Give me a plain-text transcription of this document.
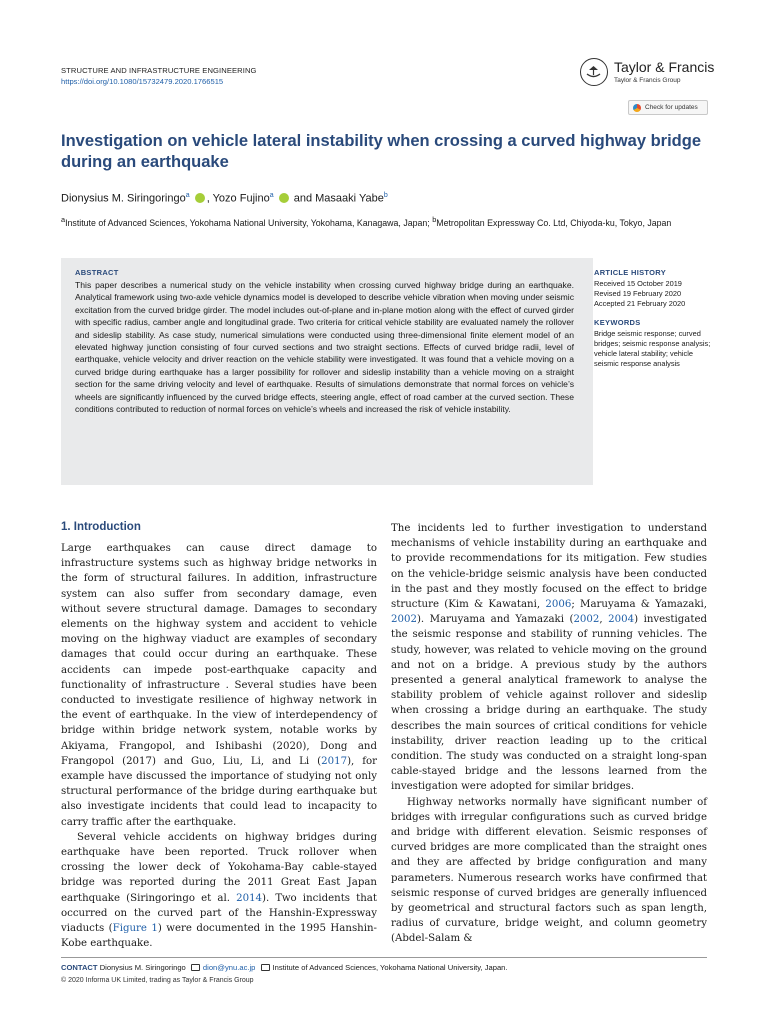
STRUCTURE AND INFRASTRUCTURE ENGINEERING
https://doi.org/10.1080/15732479.2020.1766515
Taylor & Francis
Taylor & Francis Group
Check for updates
Investigation on vehicle lateral instability when crossing a curved highway bridge during an earthquake
Dionysius M. Siringoringo$^a$ , Yozo Fujino$^a$  and Masaaki Yabe$^b$
$^a$Institute of Advanced Sciences, Yokohama National University, Yokohama, Kanagawa, Japan; $^b$Metropolitan Expressway Co. Ltd, Chiyoda-ku, Tokyo, Japan
ABSTRACT
This paper describes a numerical study on the vehicle instability when crossing curved highway bridge during an earthquake. Analytical framework using two-axle vehicle dynamics model is developed to describe vehicle vibration when moving under seismic excitation from the curved bridge girder. The model includes out-of-plane and in-plane motion along with the effect of curved girder with specific radius, camber angle and longitudinal grade. Two criteria for critical vehicle stability are evaluated namely the rollover and sideslip stability. As case study, numerical simulations were conducted using three-dimensional finite element model of an elevated highway junction consisting of four curved sections and two straight sections. Effects of curved bridge radii, level of earthquake, vehicle velocity and driver reaction on the vehicle stability were investigated. It was found that a vehicle moving on a curved bridge during earthquake has a larger possibility for rollover and sideslip instability than a vehicle moving on a straight section for the same driving velocity and level of earthquake. Results of simulations demonstrate that normal forces on vehicle’s wheels are significantly influenced by the curved bridge effects, steering angle, effect of road camber at the curved section. These conditions contributed to reduction of normal forces on vehicle’s wheels and increased the risk of vehicle instability.
ARTICLE HISTORY
Received 15 October 2019
Revised 19 February 2020
Accepted 21 February 2020
KEYWORDS
Bridge seismic response; curved bridges; seismic response analysis; vehicle lateral stability; vehicle seismic response analysis
1. Introduction

Large earthquakes can cause direct damage to infrastructure systems such as highway bridge networks in the form of structural failures. In addition, infrastructure system can also suffer from secondary damage, even without severe structural damage. Damages to secondary elements on the highway system and accident to vehicle moving on the highway viaduct are examples of secondary damages that could occur during an earthquake. These accidents can impede post-earthquake capacity and functionality of infrastructure . Several studies have been conducted to investigate resilience of highway network in the event of earthquake. In the view of interdependency of bridge within bridge network system, notable works by Akiyama, Frangopol, and Ishibashi (2020), Dong and Frangopol (2017) and Guo, Liu, Li, and Li (2017), for example have discussed the importance of studying not only structural performance of the bridge during earthquake but also investigate incidents that could lead to incapacity to carry traffic after the earthquake.

Several vehicle accidents on highway bridges during earthquake have been reported. Truck rollover when crossing the lower deck of Yokohama-Bay cable-stayed bridge was reported during the 2011 Great East Japan earthquake (Siringoringo et al. 2014). Two incidents that occurred on the curved part of the Hanshin-Expressway viaducts (Figure 1) were documented in the 1995 Hanshin-Kobe earthquake.

The incidents led to further investigation to understand mechanisms of vehicle instability during an earthquake and to provide recommendations for its mitigation. Few studies on the vehicle-bridge seismic analysis have been conducted in the past and they mostly focused on the effect to bridge structure (Kim & Kawatani, 2006; Maruyama & Yamazaki, 2002). Maruyama and Yamazaki (2002, 2004) investigated the seismic response and stability of running vehicles. The study, however, was related to vehicle moving on the ground and not on a bridge. A previous study by the authors presented a general analytical framework to analyse the stability problem of vehicle against rollover and sideslip when crossing a bridge during an earthquake. The study describes the main sources of critical conditions for vehicle instability, driver reaction leading up to the critical condition. The study was conducted on a straight long-span cable-stayed bridge and the lessons learned from the investigation were adopted for similar bridges.

Highway networks normally have significant number of bridges with irregular configurations such as curved bridge and bridge with different elevation. Seismic responses of curved bridges are more complicated than the straight ones and they are affected by bridge configuration and many parameters. Numerous research works have confirmed that seismic response of curved bridges are generally influenced by geometrical and structural factors such as span length, radius of curvature, bridge weight, and column geometry (Abdel-Salam &

CONTACT Dionysius M. Siringoringo dion@ynu.ac.jp Institute of Advanced Sciences, Yokohama National University, Japan.
© 2020 Informa UK Limited, trading as Taylor & Francis Group
